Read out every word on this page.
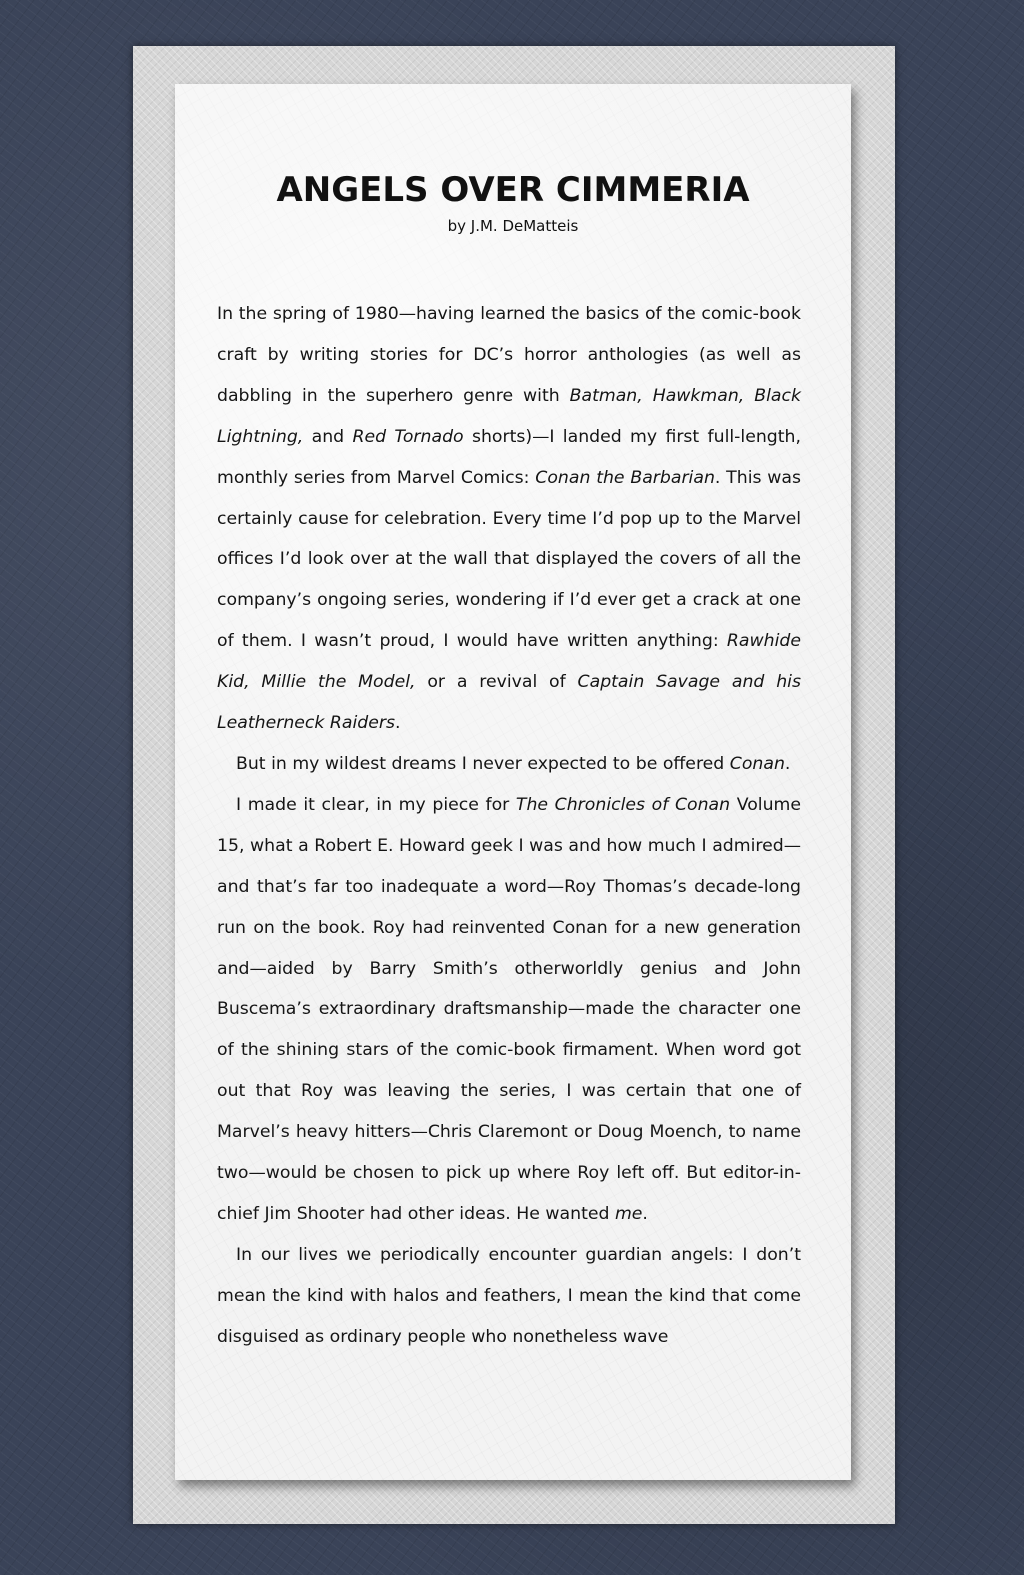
ANGELS OVER CIMMERIA
by J.M. DeMatteis

In the spring of 1980—having learned the basics of the comic-book craft by writing stories for DC’s horror anthologies (as well as dabbling in the superhero genre with Batman, Hawkman, Black Lightning, and Red Tornado shorts)—I landed my first full-length, monthly series from Marvel Comics: Conan the Barbarian. This was certainly cause for celebration. Every time I’d pop up to the Marvel offices I’d look over at the wall that displayed the covers of all the company’s ongoing series, wondering if I’d ever get a crack at one of them. I wasn’t proud, I would have written anything: Rawhide Kid, Millie the Model, or a revival of Captain Savage and his Leatherneck Raiders.

But in my wildest dreams I never expected to be offered Conan.

I made it clear, in my piece for The Chronicles of Conan Volume 15, what a Robert E. Howard geek I was and how much I admired—and that’s far too inadequate a word—Roy Thomas’s decade-long run on the book. Roy had reinvented Conan for a new generation and—aided by Barry Smith’s otherworldly genius and John Buscema’s extraordinary draftsmanship—made the character one of the shining stars of the comic-book firmament. When word got out that Roy was leaving the series, I was certain that one of Marvel’s heavy hitters—Chris Claremont or Doug Moench, to name two—would be chosen to pick up where Roy left off. But editor-in-chief Jim Shooter had other ideas. He wanted me.

In our lives we periodically encounter guardian angels: I don’t mean the kind with halos and feathers, I mean the kind that come disguised as ordinary people who nonetheless wave
